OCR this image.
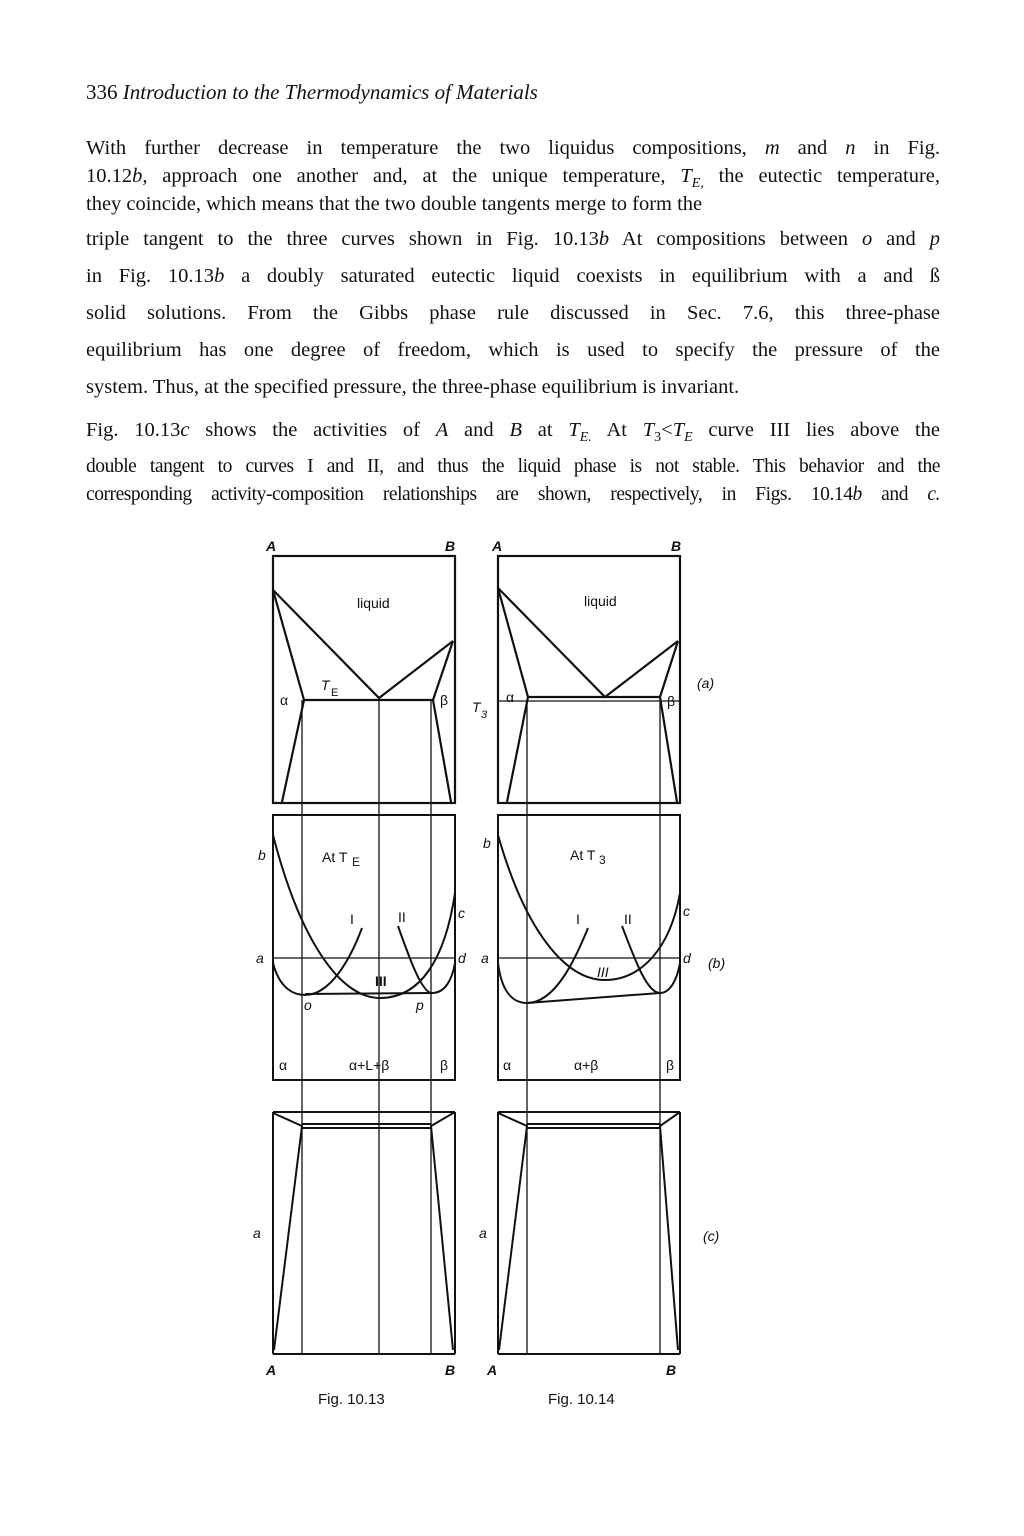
336 Introduction to the Thermodynamics of Materials
With further decrease in temperature the two liquidus compositions, m and n in Fig.
10.12b, approach one another and, at the unique temperature, $T_{E,}$ the eutectic temperature,
they coincide, which means that the two double tangents merge to form the
triple tangent to the three curves shown in Fig. 10.13b At compositions between o and p
in Fig. 10.13b a doubly saturated eutectic liquid coexists in equilibrium with a and ß
solid solutions. From the Gibbs phase rule discussed in Sec. 7.6, this three-phase
equilibrium has one degree of freedom, which is used to specify the pressure of the
system. Thus, at the specified pressure, the three-phase equilibrium is invariant.
Fig. 10.13c shows the activities of A and B at $T_{E.}$ At $T_3<T_E$ curve III lies above the
double tangent to curves I and II, and thus the liquid phase is not stable. This behavior and the
corresponding activity-composition relationships are shown, respectively, in Figs. 10.14b and c.
A	B
liquid
T E
α	β
At T E
b
c
a	d
I	II
III
o	p
α	α+L+β	β
a
A	B
Fig. 10.13
A	B
liquid
T 3
α	β
At T 3
b
c
a	d
I	II
III
α	α+β	β
a
A	B
Fig. 10.14
(a)
(b)
(c)
